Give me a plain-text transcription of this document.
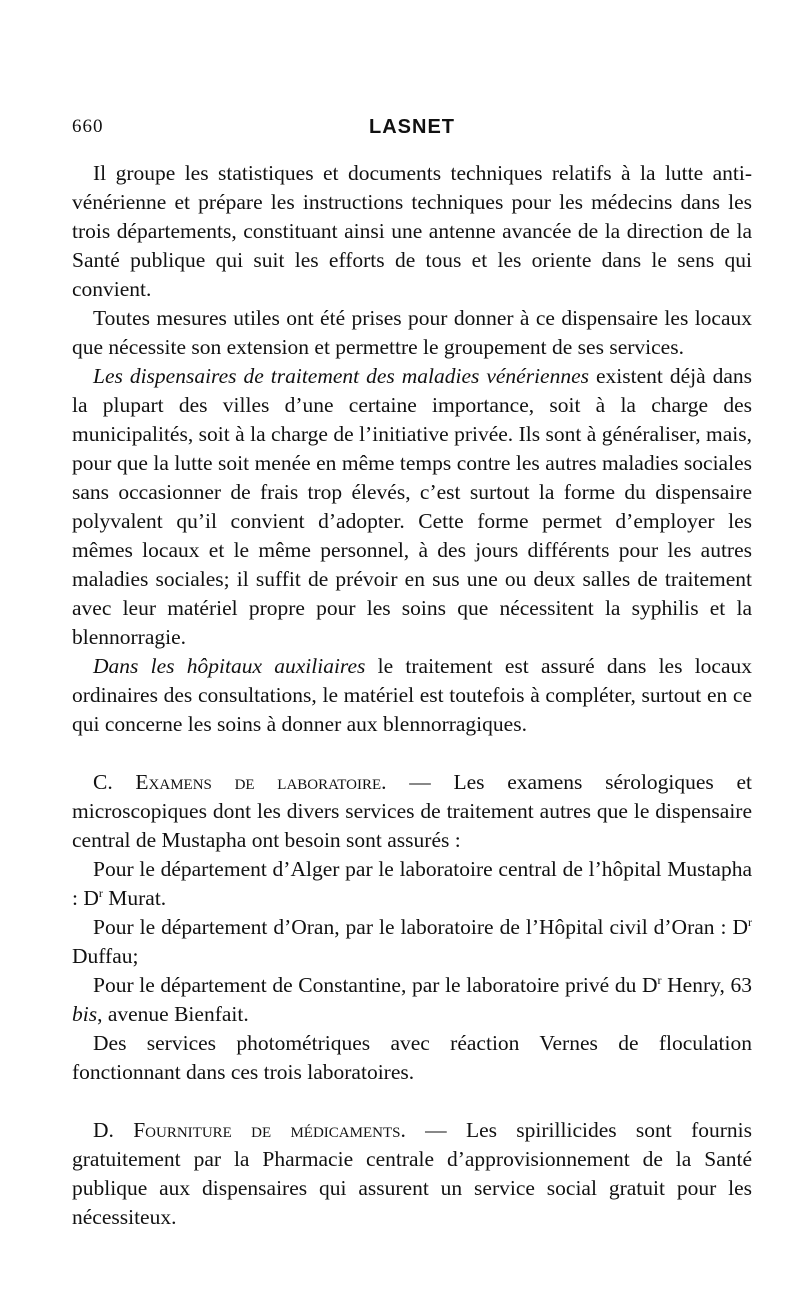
660	LASNET

Il groupe les statistiques et documents techniques relatifs à la lutte anti-vénérienne et prépare les instructions techniques pour les médecins dans les trois départements, constituant ainsi une antenne avancée de la direction de la Santé publique qui suit les efforts de tous et les oriente dans le sens qui convient.

Toutes mesures utiles ont été prises pour donner à ce dispensaire les locaux que nécessite son extension et permettre le groupement de ses services.

Les dispensaires de traitement des maladies vénériennes existent déjà dans la plupart des villes d’une certaine importance, soit à la charge des municipalités, soit à la charge de l’initiative privée. Ils sont à généraliser, mais, pour que la lutte soit menée en même temps contre les autres maladies sociales sans occasionner de frais trop élevés, c’est surtout la forme du dispensaire polyvalent qu’il convient d’adopter. Cette forme permet d’employer les mêmes locaux et le même personnel, à des jours différents pour les autres maladies sociales; il suffit de prévoir en sus une ou deux salles de traitement avec leur matériel propre pour les soins que nécessitent la syphilis et la blennorragie.

Dans les hôpitaux auxiliaires le traitement est assuré dans les locaux ordinaires des consultations, le matériel est toutefois à compléter, surtout en ce qui concerne les soins à donner aux blennorragiques.

C. Examens de laboratoire. — Les examens sérologiques et microscopiques dont les divers services de traitement autres que le dispensaire central de Mustapha ont besoin sont assurés :

Pour le département d’Alger par le laboratoire central de l’hôpital Mustapha : $D^r$ Murat.

Pour le département d’Oran, par le laboratoire de l’Hôpital civil d’Oran : $D^r$ Duffau;

Pour le département de Constantine, par le laboratoire privé du $D^r$ Henry, 63 bis, avenue Bienfait.

Des services photométriques avec réaction Vernes de floculation fonctionnant dans ces trois laboratoires.

D. Fourniture de médicaments. — Les spirillicides sont fournis gratuitement par la Pharmacie centrale d’approvisionnement de la Santé publique aux dispensaires qui assurent un service social gratuit pour les nécessiteux.
